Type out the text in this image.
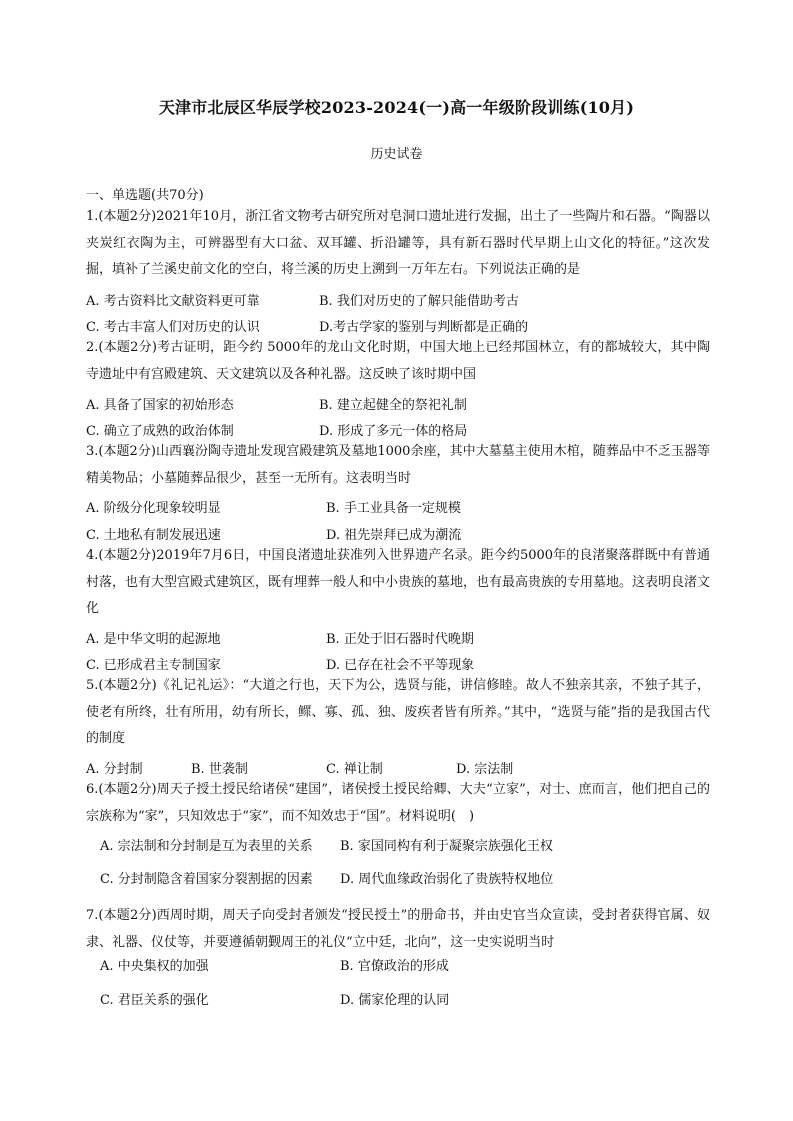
天津市北辰区华辰学校2023-2024(一)高一年级阶段训练(10月)
历史试卷
一、单选题(共70分)
1.(本题2分)2021年10月，浙江省文物考古研究所对皂洞口遗址进行发掘，出土了一些陶片和石器。“陶器以夹炭红衣陶为主，可辨器型有大口盆、双耳罐、折沿罐等，具有新石器时代早期上山文化的特征。”这次发掘，填补了兰溪史前文化的空白，将兰溪的历史上溯到一万年左右。下列说法正确的是
A. 考古资料比文献资料更可靠	B. 我们对历史的了解只能借助考古
C. 考古丰富人们对历史的认识	D.考古学家的鉴别与判断都是正确的
2.(本题2分)考古证明，距今约 5000年的龙山文化时期，中国大地上已经邦国林立，有的都城较大，其中陶寺遗址中有宫殿建筑、天文建筑以及各种礼器。这反映了该时期中国
A. 具备了国家的初始形态	B. 建立起健全的祭祀礼制
C. 确立了成熟的政治体制	D. 形成了多元一体的格局
3.(本题2分)山西襄汾陶寺遗址发现宫殿建筑及墓地1000余座，其中大墓墓主使用木棺，随葬品中不乏玉器等精美物品；小墓随葬品很少，甚至一无所有。这表明当时
A. 阶级分化现象较明显	B. 手工业具备一定规模
C. 土地私有制发展迅速	D. 祖先崇拜已成为潮流
4.(本题2分)2019年7月6日，中国良渚遗址获准列入世界遗产名录。距今约5000年的良渚聚落群既中有普通村落，也有大型宫殿式建筑区，既有埋葬一般人和中小贵族的墓地，也有最高贵族的专用墓地。这表明良渚文化
A. 是中华文明的起源地	B. 正处于旧石器时代晚期
C. 已形成君主专制国家	D. 已存在社会不平等现象
5.(本题2分)《礼记礼运》：“大道之行也，天下为公，选贤与能，讲信修睦。故人不独亲其亲，不独子其子，使老有所终，壮有所用，幼有所长，鳏、寡、孤、独、废疾者皆有所养。”其中，“选贤与能”指的是我国古代的制度
A. 分封制	B. 世袭制	C. 禅让制	D. 宗法制
6.(本题2分)周天子授土授民给诸侯“建国”，诸侯授土授民给卿、大夫“立家”，对士、庶而言，他们把自己的宗族称为“家”，只知效忠于“家”，而不知效忠于“国”。材料说明(　)
A. 宗法制和分封制是互为表里的关系 B. 家国同构有利于凝聚宗族强化王权
C. 分封制隐含着国家分裂割据的因素 D. 周代血缘政治弱化了贵族特权地位
7.(本题2分)西周时期，周天子向受封者颁发“授民授土”的册命书，并由史官当众宣读，受封者获得官属、奴隶、礼器、仪仗等，并要遵循朝觐周王的礼仪“立中廷，北向”，这一史实说明当时
A. 中央集权的加强	B. 官僚政治的形成
C. 君臣关系的强化	D. 儒家伦理的认同
